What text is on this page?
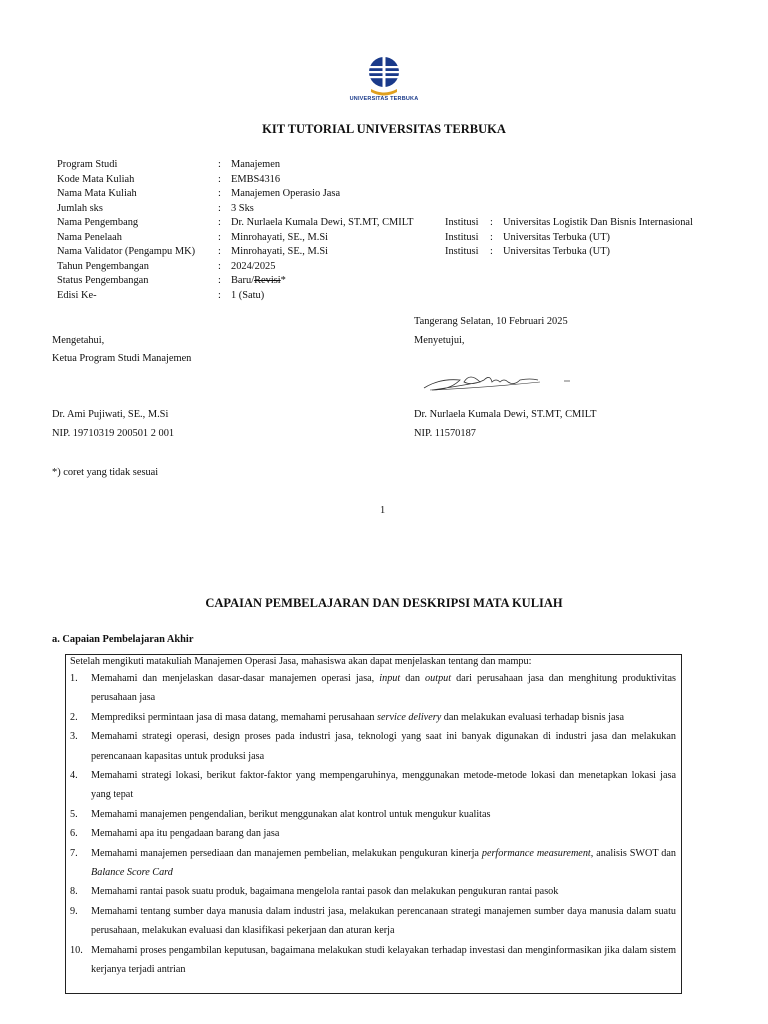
UNIVERSITAS TERBUKA
KIT TUTORIAL UNIVERSITAS TERBUKA
Program Studi	: Manajemen
Kode Mata Kuliah	: EMBS4316
Nama Mata Kuliah	: Manajemen Operasio Jasa
Jumlah sks	: 3 Sks
Nama Pengembang	: Dr. Nurlaela Kumala Dewi, ST.MT, CMILT	Institusi : Universitas Logistik Dan Bisnis Internasional
Nama Penelaah	: Minrohayati, SE., M.Si	Institusi : Universitas Terbuka (UT)
Nama Validator (Pengampu MK) : Minrohayati, SE., M.Si	Institusi : Universitas Terbuka (UT)
Tahun Pengembangan	: 2024/2025
Status Pengembangan	: Baru/Revisi*
Edisi Ke-	: 1 (Satu)
Tangerang Selatan, 10 Februari 2025
Mengetahui,	Menyetujui,
Ketua Program Studi Manajemen
Dr. Ami Pujiwati, SE., M.Si	Dr. Nurlaela Kumala Dewi, ST.MT, CMILT
NIP. 19710319 200501 2 001	NIP. 11570187
*) coret yang tidak sesuai
1
CAPAIAN PEMBELAJARAN DAN DESKRIPSI MATA KULIAH
a. Capaian Pembelajaran Akhir
Setelah mengikuti matakuliah Manajemen Operasi Jasa, mahasiswa akan dapat menjelaskan tentang dan mampu:
1. Memahami dan menjelaskan dasar-dasar manajemen operasi jasa, input dan output dari perusahaan jasa dan menghitung produktivitas perusahaan jasa
2. Memprediksi permintaan jasa di masa datang, memahami perusahaan service delivery dan melakukan evaluasi terhadap bisnis jasa
3. Memahami strategi operasi, design proses pada industri jasa, teknologi yang saat ini banyak digunakan di industri jasa dan melakukan perencanaan kapasitas untuk produksi jasa
4. Memahami strategi lokasi, berikut faktor-faktor yang mempengaruhinya, menggunakan metode-metode lokasi dan menetapkan lokasi jasa yang tepat
5. Memahami manajemen pengendalian, berikut menggunakan alat kontrol untuk mengukur kualitas
6. Memahami apa itu pengadaan barang dan jasa
7. Memahami manajemen persediaan dan manajemen pembelian, melakukan pengukuran kinerja performance measurement, analisis SWOT dan Balance Score Card
8. Memahami rantai pasok suatu produk, bagaimana mengelola rantai pasok dan melakukan pengukuran rantai pasok
9. Memahami tentang sumber daya manusia dalam industri jasa, melakukan perencanaan strategi manajemen sumber daya manusia dalam suatu perusahaan, melakukan evaluasi dan klasifikasi pekerjaan dan aturan kerja
10. Memahami proses pengambilan keputusan, bagaimana melakukan studi kelayakan terhadap investasi dan menginformasikan jika dalam sistem kerjanya terjadi antrian
